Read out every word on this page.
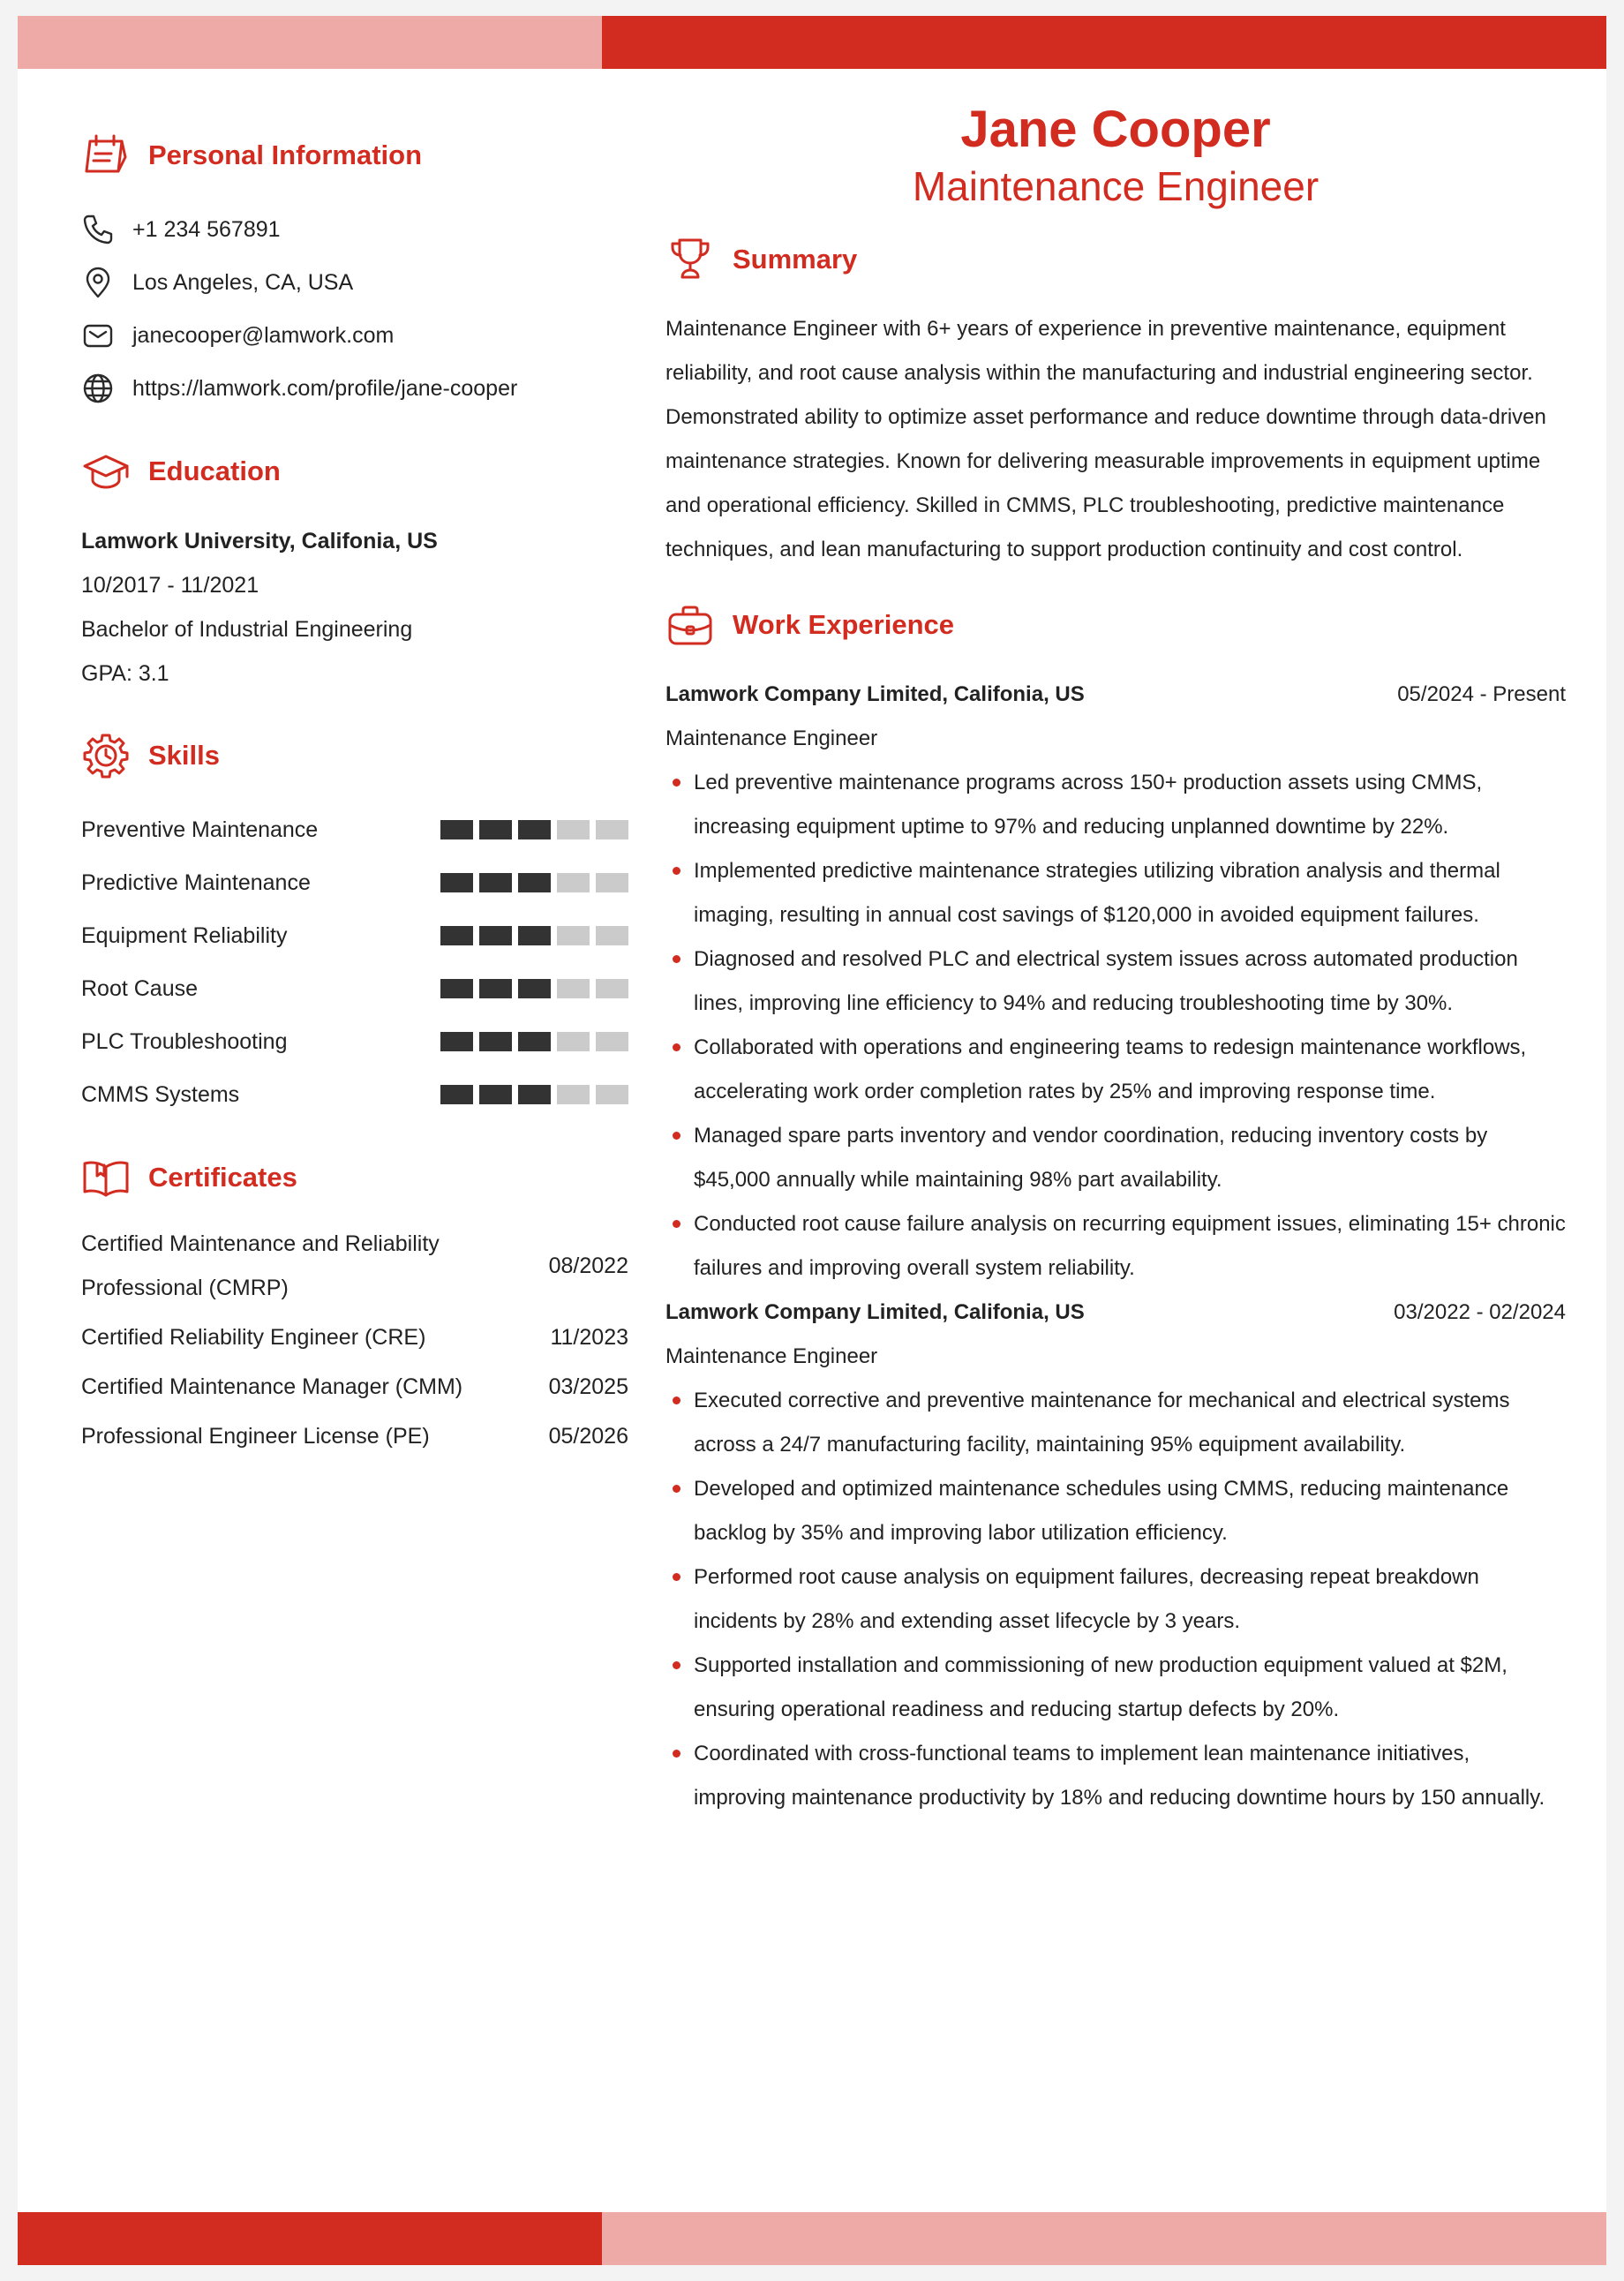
Personal Information
+1 234 567891
Los Angeles, CA, USA
janecooper@lamwork.com
https://lamwork.com/profile/jane-cooper
Education
Lamwork University, Califonia, US
10/2017 - 11/2021
Bachelor of Industrial Engineering
GPA: 3.1
Skills
Preventive Maintenance
Predictive Maintenance
Equipment Reliability
Root Cause
PLC Troubleshooting
CMMS Systems
Certificates
Certified Maintenance and Reliability Professional (CMRP)
08/2022
Certified Reliability Engineer (CRE)	11/2023
Certified Maintenance Manager (CMM)	03/2025
Professional Engineer License (PE)	05/2026
Jane Cooper
Maintenance Engineer
Summary

Maintenance Engineer with 6+ years of experience in preventive maintenance, equipment reliability, and root cause analysis within the manufacturing and industrial engineering sector. Demonstrated ability to optimize asset performance and reduce downtime through data-driven maintenance strategies. Known for delivering measurable improvements in equipment uptime and operational efficiency. Skilled in CMMS, PLC troubleshooting, predictive maintenance techniques, and lean manufacturing to support production continuity and cost control.

Work Experience
Lamwork Company Limited, Califonia, US	05/2024 - Present
Maintenance Engineer
Led preventive maintenance programs across 150+ production assets using CMMS, increasing equipment uptime to 97% and reducing unplanned downtime by 22%.
Implemented predictive maintenance strategies utilizing vibration analysis and thermal imaging, resulting in annual cost savings of $120,000 in avoided equipment failures.
Diagnosed and resolved PLC and electrical system issues across automated production lines, improving line efficiency to 94% and reducing troubleshooting time by 30%.
Collaborated with operations and engineering teams to redesign maintenance workflows, accelerating work order completion rates by 25% and improving response time.
Managed spare parts inventory and vendor coordination, reducing inventory costs by $45,000 annually while maintaining 98% part availability.
Conducted root cause failure analysis on recurring equipment issues, eliminating 15+ chronic failures and improving overall system reliability.
Lamwork Company Limited, Califonia, US	03/2022 - 02/2024
Maintenance Engineer
Executed corrective and preventive maintenance for mechanical and electrical systems across a 24/7 manufacturing facility, maintaining 95% equipment availability.
Developed and optimized maintenance schedules using CMMS, reducing maintenance backlog by 35% and improving labor utilization efficiency.
Performed root cause analysis on equipment failures, decreasing repeat breakdown incidents by 28% and extending asset lifecycle by 3 years.
Supported installation and commissioning of new production equipment valued at $2M, ensuring operational readiness and reducing startup defects by 20%.
Coordinated with cross-functional teams to implement lean maintenance initiatives, improving maintenance productivity by 18% and reducing downtime hours by 150 annually.
